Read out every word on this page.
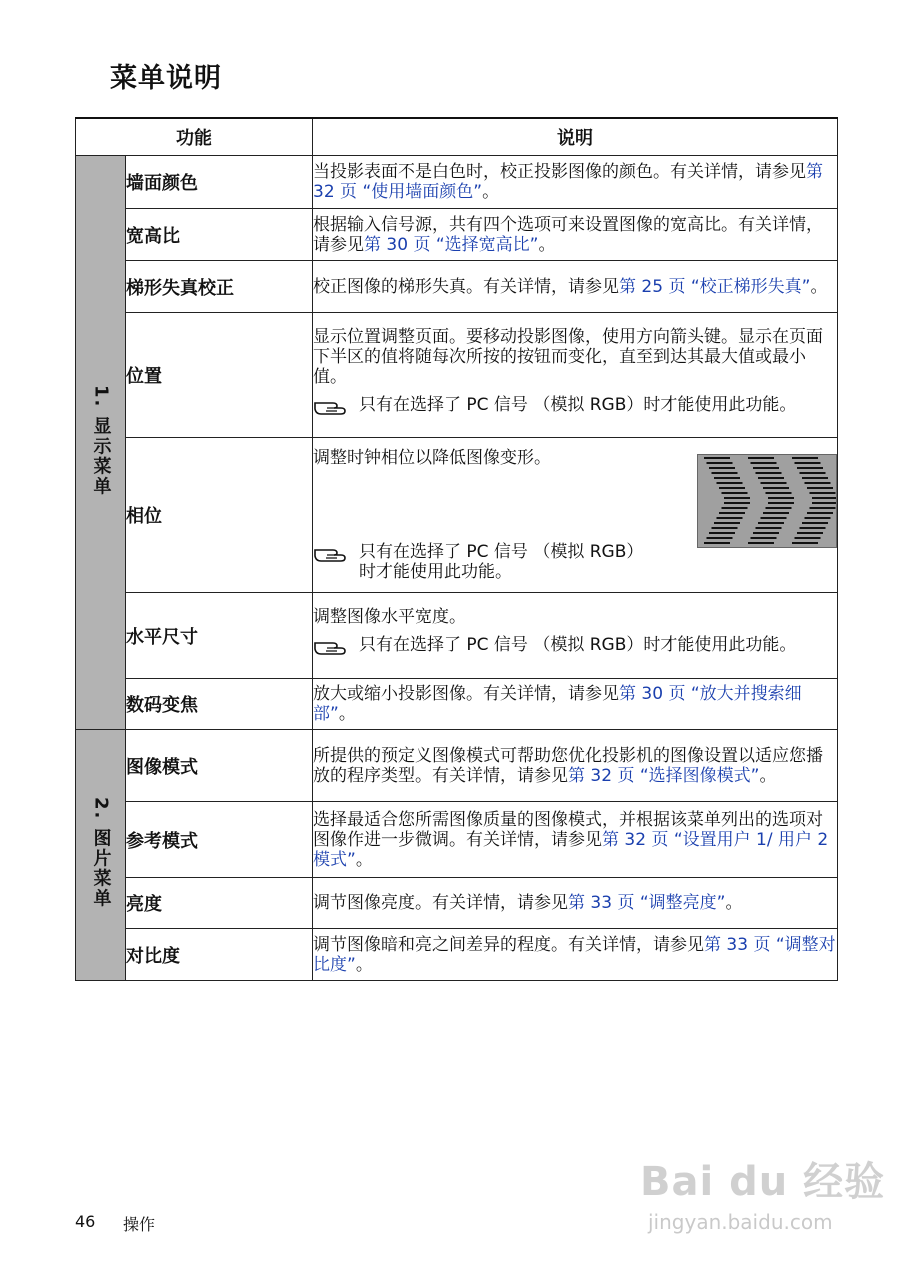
菜单说明
功能		说明
1. 显示菜单	墙面颜色	当投影表面不是白色时，校正投影图像的颜色。有关详情，请参见第 32 页 “使用墙面颜色”。
	宽高比	根据输入信号源，共有四个选项可来设置图像的宽高比。有关详情，请参见第 30 页 “选择宽高比”。
	梯形失真校正	校正图像的梯形失真。有关详情，请参见第 25 页 “校正梯形失真”。
	位置	显示位置调整页面。要移动投影图像，使用方向箭头键。显示在页面下半区的值将随每次所按的按钮而变化，直至到达其最大值或最小值。
只有在选择了 PC 信号 （模拟 RGB）时才能使用此功能。

	相位	调整时钟相位以降低图像变形。
只有在选择了 PC 信号 （模拟 RGB）时才能使用此功能。

	水平尺寸	调整图像水平宽度。
只有在选择了 PC 信号 （模拟 RGB）时才能使用此功能。

	数码变焦	放大或缩小投影图像。有关详情，请参见第 30 页 “放大并搜索细部”。
2. 图片菜单	图像模式	所提供的预定义图像模式可帮助您优化投影机的图像设置以适应您播放的程序类型。有关详情，请参见第 32 页 “选择图像模式”。
	参考模式	选择最适合您所需图像质量的图像模式，并根据该菜单列出的选项对图像作进一步微调。有关详情，请参见第 32 页 “设置用户 1/ 用户 2 模式”。
	亮度	调节图像亮度。有关详情，请参见第 33 页 “调整亮度”。
	对比度	调节图像暗和亮之间差异的程度。有关详情，请参见第 33 页 “调整对比度”。
46 操作
Bai du 经验
jingyan.baidu.com
